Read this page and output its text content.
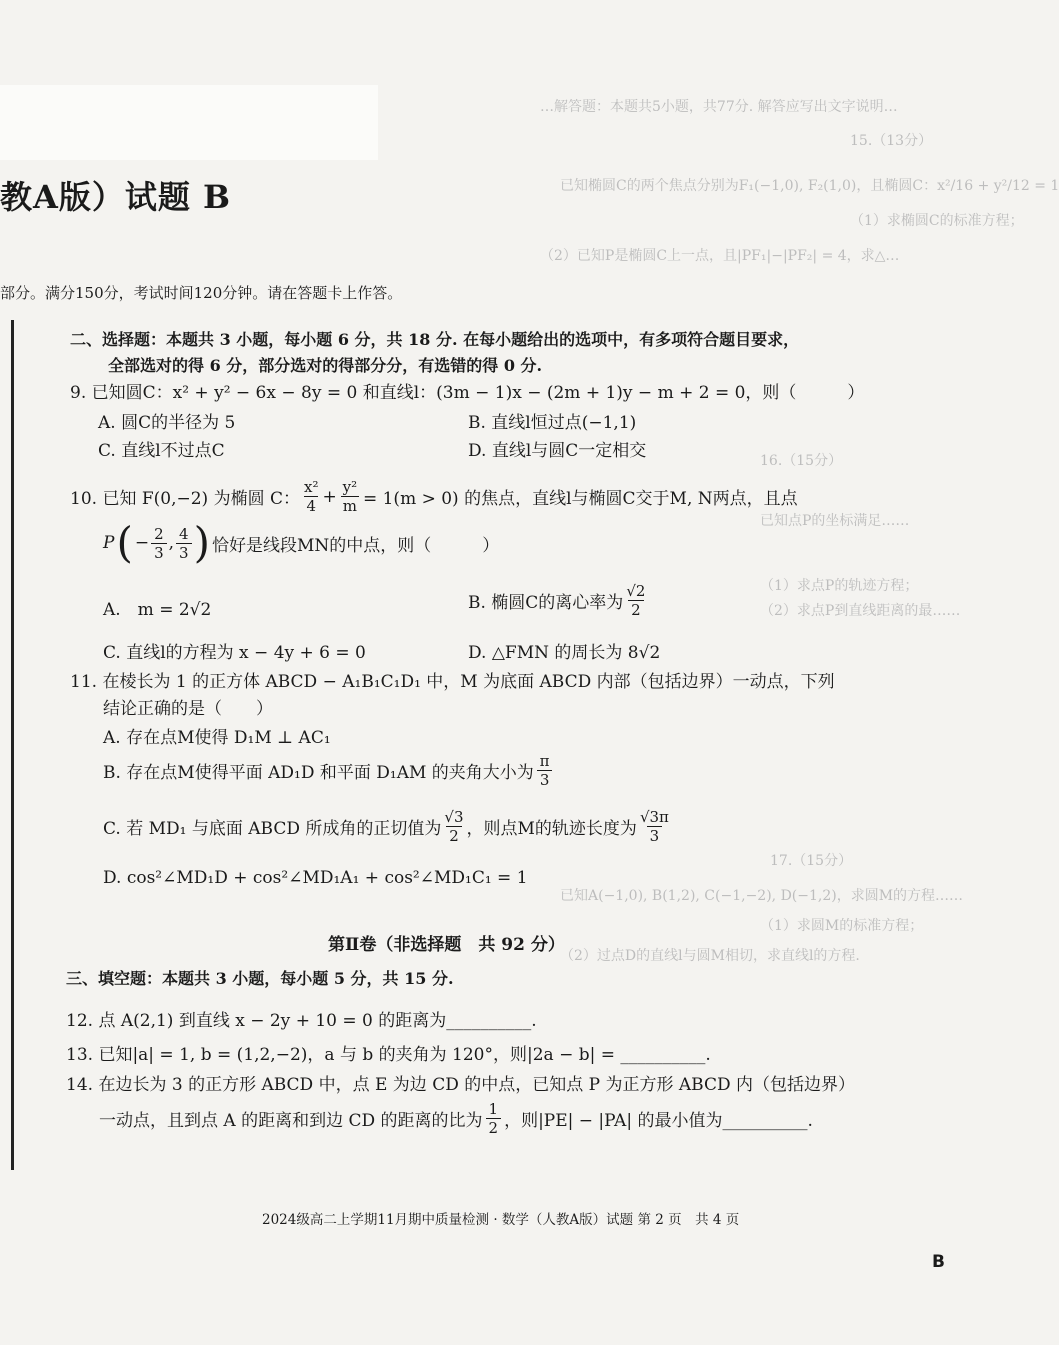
…解答题：本题共5小题，共77分. 解答应写出文字说明…
15.（13分）
已知椭圆C的两个焦点分别为F₁(−1,0), F₂(1,0)，且椭圆C：x²/16 + y²/12 = 1
（1）求椭圆C的标准方程；
（2）已知P是椭圆C上一点，且|PF₁|−|PF₂| = 4，求△…
16.（15分）
已知点P的坐标满足……
（1）求点P的轨迹方程；
（2）求点P到直线距离的最……
17.（15分）
已知A(−1,0), B(1,2), C(−1,−2), D(−1,2)，求圆M的方程……
（1）求圆M的标准方程；
（2）过点D的直线l与圆M相切，求直线l的方程.
教A版）试题 B
部分。满分150分，考试时间120分钟。请在答题卡上作答。
二、选择题：本题共 3 小题，每小题 6 分，共 18 分. 在每小题给出的选项中，有多项符合题目要求，
全部选对的得 6 分，部分选对的得部分分，有选错的得 0 分.
9. 已知圆C：x² + y² − 6x − 8y = 0 和直线l：(3m − 1)x − (2m + 1)y − m + 2 = 0，则（　　　）
A. 圆C的半径为 5	B. 直线l恒过点(−1,1)
C. 直线l不过点C	D. 直线l与圆C一定相交
10. 已知 F(0,−2) 为椭圆 C： $\frac{\text{x²}}{4} + \frac{\text{y²}}{m} = 1(m > 0)$ 的焦点，直线l与椭圆C交于M, N两点，且点
P ( − $\frac{2}{3}$ , $\frac{4}{3}$ ) 恰好是线段MN的中点，则（　　　）
A.　m = 2√2	B. 椭圆C的离心率为 $\frac{√2}{2}$
C. 直线l的方程为 x − 4y + 6 = 0	D. △FMN 的周长为 8√2
11. 在棱长为 1 的正方体 ABCD − A₁B₁C₁D₁ 中，M 为底面 ABCD 内部（包括边界）一动点，下列
结论正确的是（　　）
A. 存在点M使得 D₁M ⊥ AC₁
B. 存在点M使得平面 AD₁D 和平面 D₁AM 的夹角大小为 $\frac{\pi}{3}$
C. 若 MD₁ 与底面 ABCD 所成角的正切值为 $\frac{√3}{2}$ ，则点M的轨迹长度为 $\frac{√3\pi}{3}$
D. cos²∠MD₁D + cos²∠MD₁A₁ + cos²∠MD₁C₁ = 1
第Ⅱ卷（非选择题　共 92 分）
三、填空题：本题共 3 小题，每小题 5 分，共 15 分.
12. 点 A(2,1) 到直线 x − 2y + 10 = 0 的距离为__________.
13. 已知|a| = 1, b = (1,2,−2)，a 与 b 的夹角为 120°，则|2a − b| = __________.
14. 在边长为 3 的正方形 ABCD 中，点 E 为边 CD 的中点，已知点 P 为正方形 ABCD 内（包括边界）
一动点，且到点 A 的距离和到边 CD 的距离的比为 $\frac{1}{2}$ ，则|PE| − |PA| 的最小值为__________.
2024级高二上学期11月期中质量检测 · 数学（人教A版）试题 第 2 页　共 4 页
B
